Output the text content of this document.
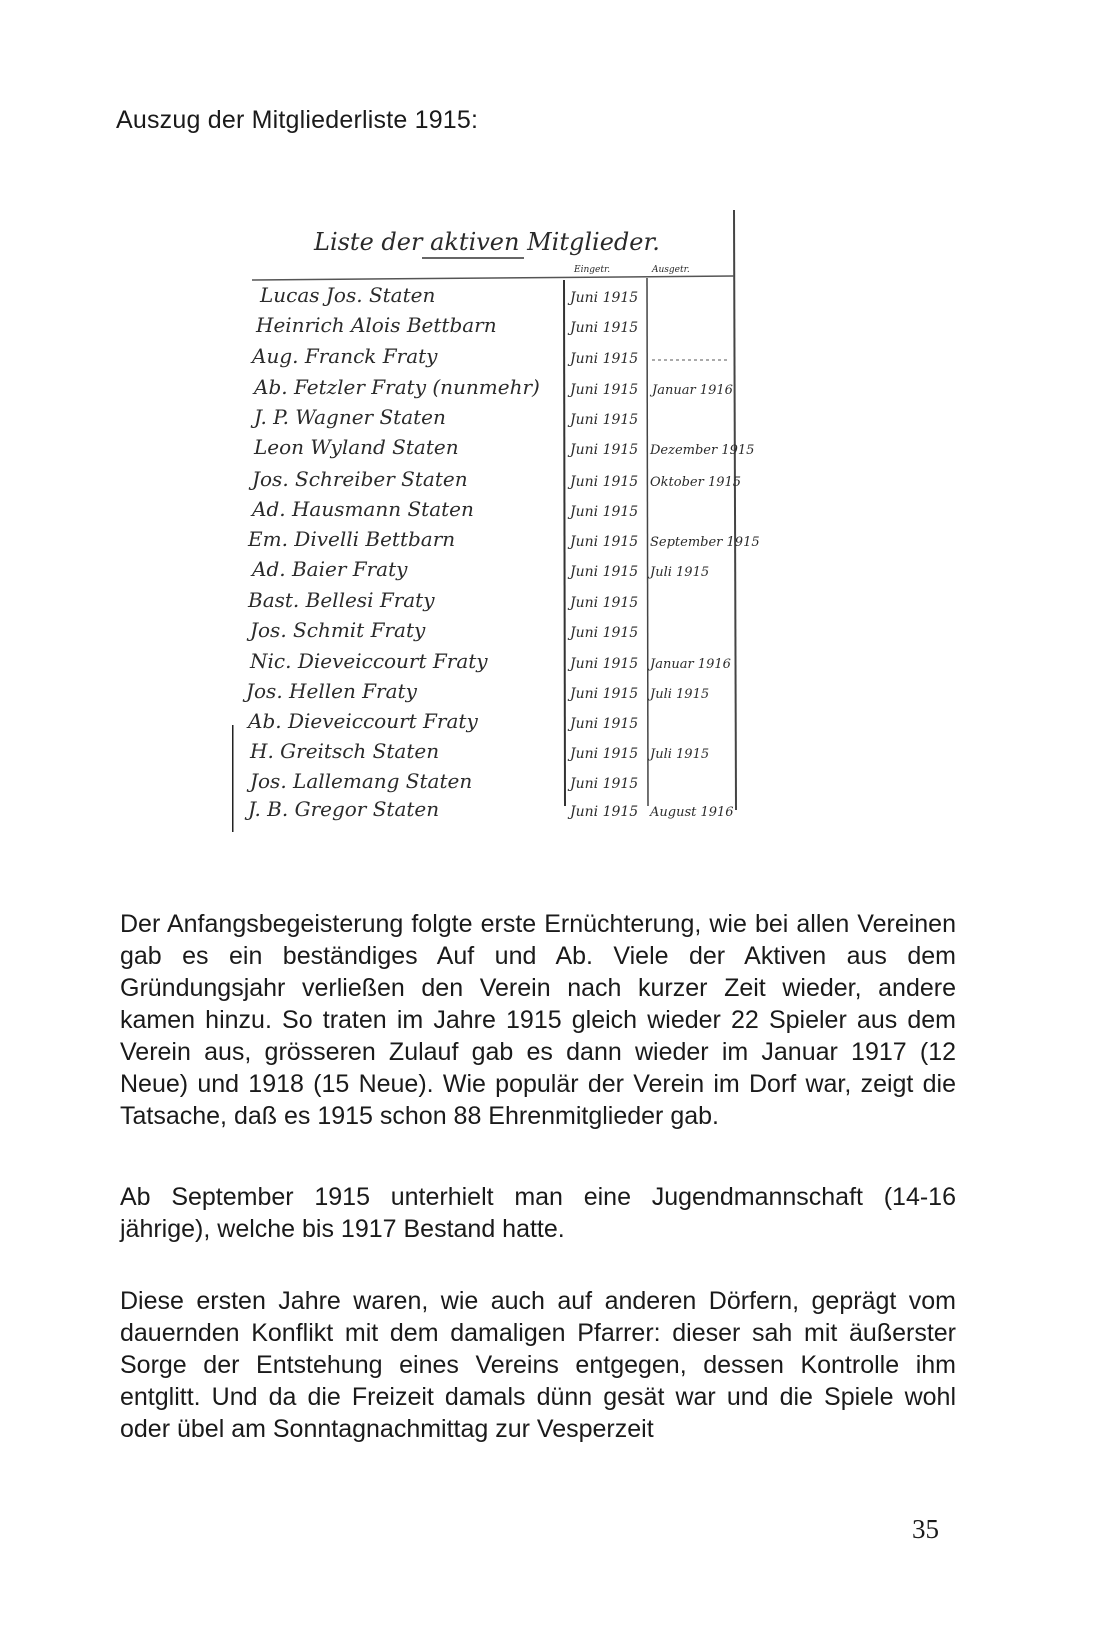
Auszug der Mitgliederliste 1915:
Liste der aktiven Mitglieder.
Eingetr.	Ausgetr.
Lucas Jos. Staten
Heinrich Alois Bettbarn
Aug. Franck Fraty
Ab. Fetzler Fraty (nunmehr)
J. P. Wagner Staten
Leon Wyland Staten
Jos. Schreiber Staten
Ad. Hausmann Staten
Em. Divelli Bettbarn
Ad. Baier Fraty
Bast. Bellesi Fraty
Jos. Schmit Fraty
Nic. Dieveiccourt Fraty
Jos. Hellen Fraty
Ab. Dieveiccourt Fraty
H. Greitsch Staten
Jos. Lallemang Staten
J. B. Gregor Staten
Juni 1915
Juni 1915
Juni 1915
Juni 1915
Juni 1915
Juni 1915
Juni 1915
Juni 1915
Juni 1915
Juni 1915
Juni 1915
Juni 1915
Juni 1915
Juni 1915
Juni 1915
Juni 1915
Juni 1915
Juni 1915
Januar 1916
Dezember 1915
Oktober 1915
September 1915
Juli 1915
Januar 1916
Juli 1915
Juli 1915
August 1916
Der Anfangsbegeisterung folgte erste Ernüchterung, wie bei allen Vereinen gab es ein beständiges Auf und Ab. Viele der Aktiven aus dem Gründungsjahr verließen den Verein nach kurzer Zeit wieder, andere kamen hinzu. So traten im Jahre 1915 gleich wieder 22 Spieler aus dem Verein aus, grösseren Zulauf gab es dann wieder im Januar 1917 (12 Neue) und 1918 (15 Neue). Wie populär der Verein im Dorf war, zeigt die Tatsache, daß es 1915 schon 88 Ehrenmitglieder gab.
Ab September 1915 unterhielt man eine Jugendmannschaft (14-16 jährige), welche bis 1917 Bestand hatte.
Diese ersten Jahre waren, wie auch auf anderen Dörfern, geprägt vom dauernden Konflikt mit dem damaligen Pfarrer: dieser sah mit äußerster Sorge der Entstehung eines Vereins entgegen, dessen Kontrolle ihm entglitt. Und da die Freizeit damals dünn gesät war und die Spiele wohl oder übel am Sonntagnachmittag zur Vesperzeit
35
